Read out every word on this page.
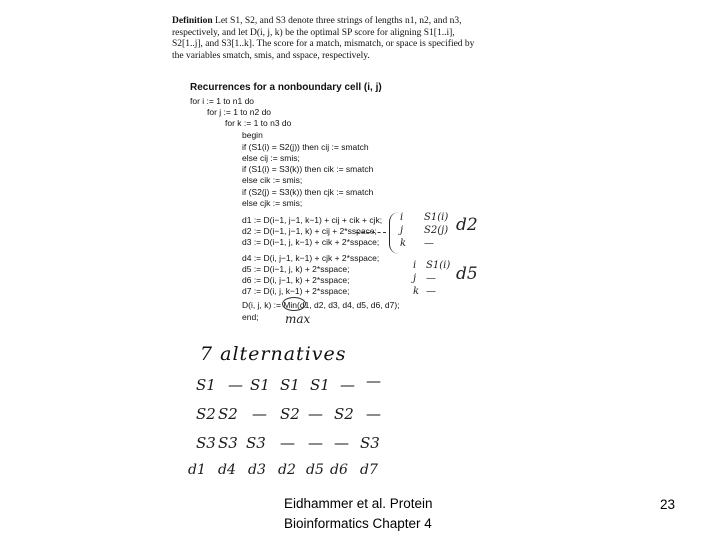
Definition Let S1, S2, and S3 denote three strings of lengths n1, n2, and n3, respectively, and let D(i, j, k) be the optimal SP score for aligning S1[1..i], S2[1..j], and S3[1..k]. The score for a match, mismatch, or space is specified by the variables smatch, smis, and sspace, respectively.
Recurrences for a nonboundary cell (i, j)
for i := 1 to n1 do
for j := 1 to n2 do
for k := 1 to n3 do
begin
if (S1(i) = S2(j)) then cij := smatch
else cij := smis;
if (S1(i) = S3(k)) then cik := smatch
else cik := smis;
if (S2(j) = S3(k)) then cjk := smatch
else cjk := smis;
d1 := D(i−1, j−1, k−1) + cij + cik + cjk;
d2 := D(i−1, j−1, k) + cij + 2*sspace;
d3 := D(i−1, j, k−1) + cik + 2*sspace;
d4 := D(i, j−1, k−1) + cjk + 2*sspace;
d5 := D(i−1, j, k) + 2*sspace;
d6 := D(i, j−1, k) + 2*sspace;
d7 := D(i, j, k−1) + 2*sspace;
D(i, j, k) := Min(d1, d2, d3, d4, d5, d6, d7);
end; max
i
j
k
S1(i)
S2(j)
—
d2
i
j
k
S1(i)
—
—
d5
7 alternatives
S1 — S1 S1 S1 — —
S2 S2 — S2 — S2 —
S3 S3 S3 — — — S3
d1 d4 d3 d2 d5 d6 d7
Eidhammer et al. Protein
Bioinformatics Chapter 4
23
